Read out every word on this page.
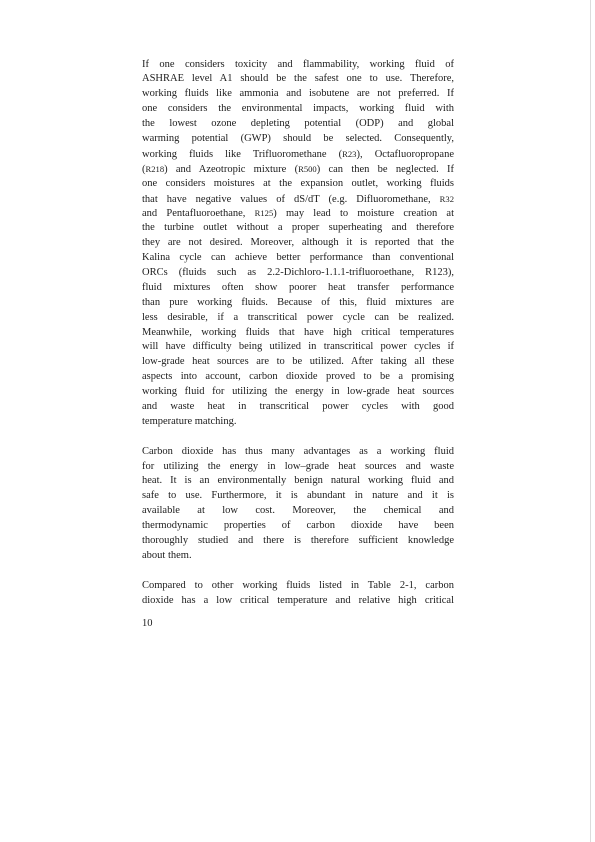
If one considers toxicity and flammability, working fluid of
ASHRAE level A1 should be the safest one to use. Therefore,
working fluids like ammonia and isobutene are not preferred. If
one considers the environmental impacts, working fluid with
the lowest ozone depleting potential (ODP) and global
warming potential (GWP) should be selected. Consequently,
working fluids like Trifluoromethane (R23), Octafluoropropane
(R218) and Azeotropic mixture (R500) can then be neglected. If
one considers moistures at the expansion outlet, working fluids
that have negative values of dS/dT (e.g. Difluoromethane, R32
and Pentafluoroethane, R125) may lead to moisture creation at
the turbine outlet without a proper superheating and therefore
they are not desired. Moreover, although it is reported that the
Kalina cycle can achieve better performance than conventional
ORCs (fluids such as 2.2-Dichloro-1.1.1-trifluoroethane, R123),
fluid mixtures often show poorer heat transfer performance
than pure working fluids. Because of this, fluid mixtures are
less desirable, if a transcritical power cycle can be realized.
Meanwhile, working fluids that have high critical temperatures
will have difficulty being utilized in transcritical power cycles if
low-grade heat sources are to be utilized. After taking all these
aspects into account, carbon dioxide proved to be a promising
working fluid for utilizing the energy in low-grade heat sources
and waste heat in transcritical power cycles with good
temperature matching.
Carbon dioxide has thus many advantages as a working fluid
for utilizing the energy in low–grade heat sources and waste
heat. It is an environmentally benign natural working fluid and
safe to use. Furthermore, it is abundant in nature and it is
available at low cost. Moreover, the chemical and
thermodynamic properties of carbon dioxide have been
thoroughly studied and there is therefore sufficient knowledge
about them.
Compared to other working fluids listed in Table 2-1, carbon
dioxide has a low critical temperature and relative high critical
10
